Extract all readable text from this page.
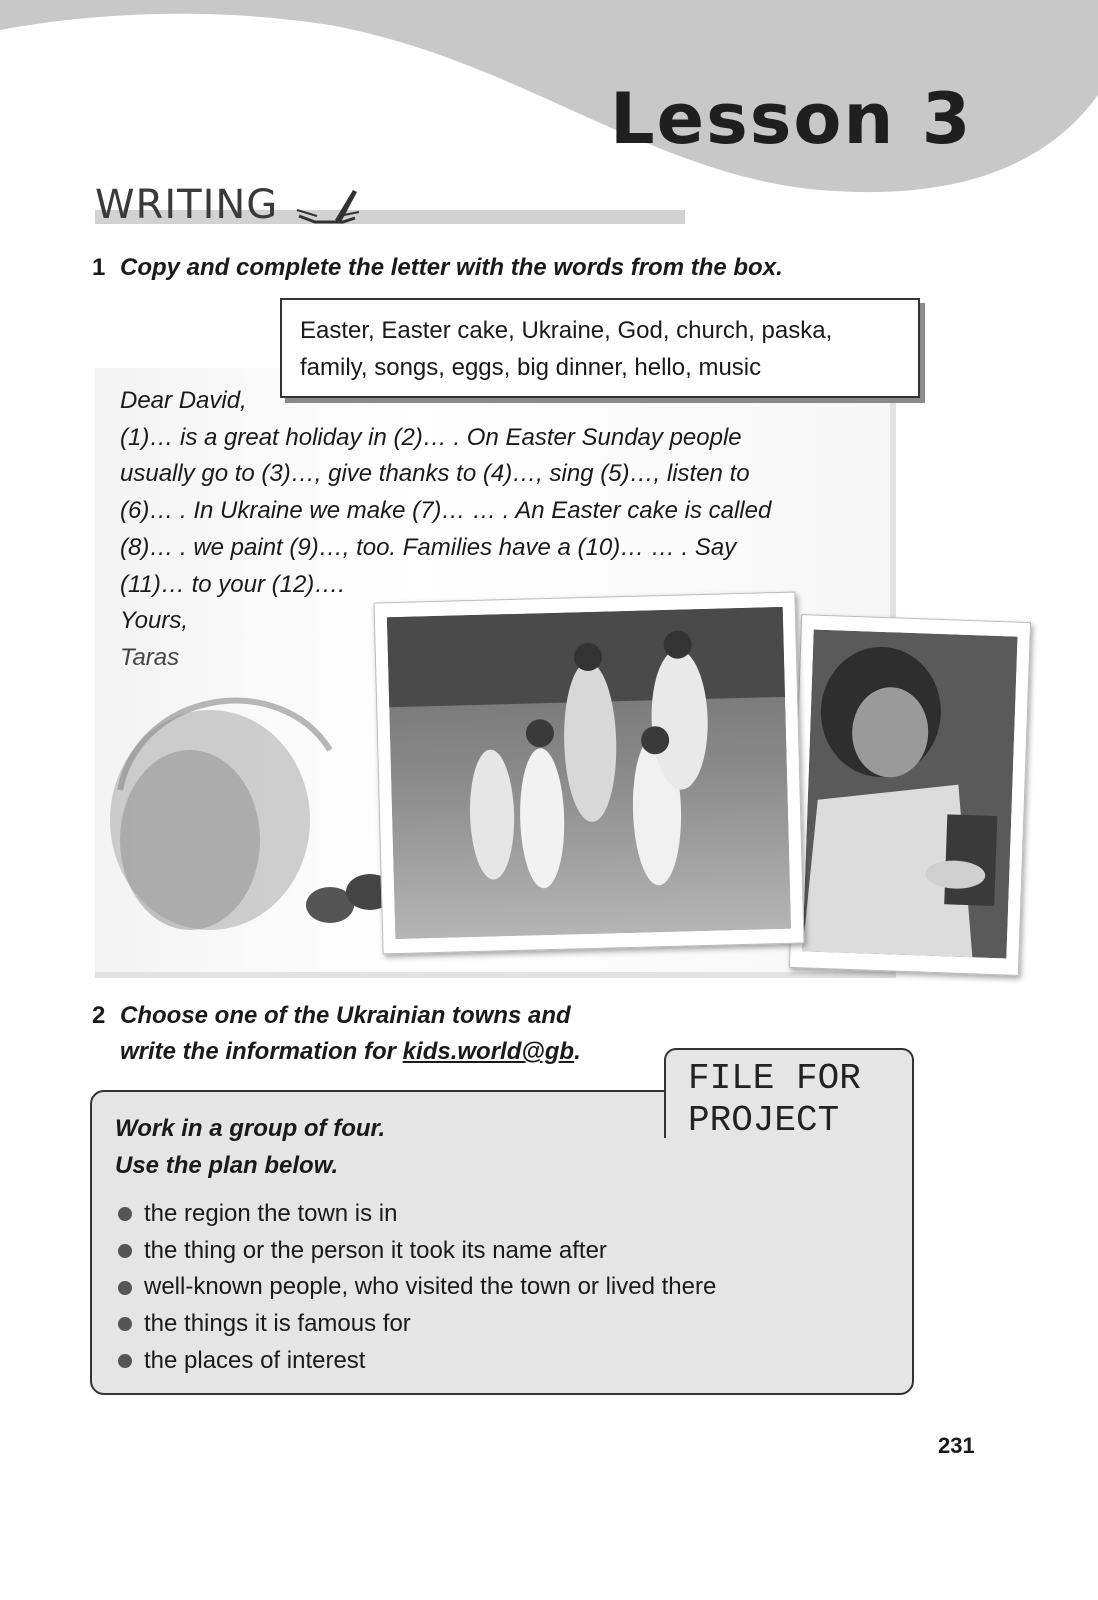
Lesson 3
WRITING
1 Copy and complete the letter with the words from the box.
Easter, Easter cake, Ukraine, God, church, paska,
family, songs, eggs, big dinner, hello, music
Dear David,
(1)… is a great holiday in (2)… . On Easter Sunday people
usually go to (3)…, give thanks to (4)…, sing (5)…, listen to
(6)… . In Ukraine we make (7)… … . An Easter cake is called
(8)… . we paint (9)…, too. Families have a (10)… … . Say
(11)… to your (12)….
Yours,
Taras
2 Choose one of the Ukrainian towns and
write the information for kids.world@gb.
FILE FOR
PROJECT
Work in a group of four.
Use the plan below.
the region the town is in
the thing or the person it took its name after
well-known people, who visited the town or lived there
the things it is famous for
the places of interest
231
